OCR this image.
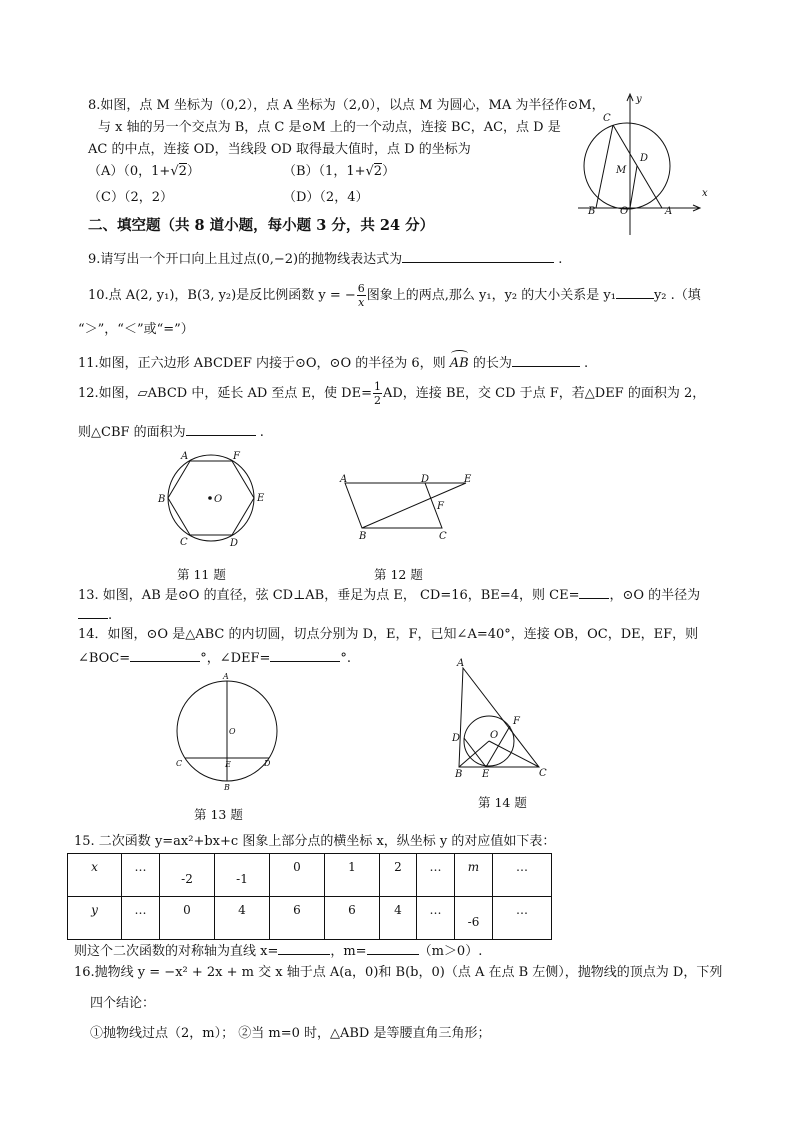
8.如图，点 M 坐标为（0,2），点 A 坐标为（2,0），以点 M 为圆心，MA 为半径作⊙M，
与 x 轴的另一个交点为 B，点 C 是⊙M 上的一个动点，连接 BC，AC，点 D 是
AC 的中点，连接 OD，当线段 OD 取得最大值时，点 D 的坐标为
（A）（0，1+√2）	（B）（1，1+√2）
（C）（2，2）	（D）（2，4）
二、填空题（共 8 道小题，每小题 3 分，共 24 分）
9.请写出一个开口向上且过点(0,−2)的抛物线表达式为	.
10.点 A(2, y₁)，B(3, y₂)是反比例函数 y = − $\frac{6}{x}$ 图象上的两点,那么 y₁，y₂ 的大小关系是 y₁	y₂ .（填
“＞”，“＜”或“=”）
11.如图，正六边形 ABCDEF 内接于⊙O，⊙O 的半径为 6，则
AB 的长为	.
12.如图，▱ABCD 中，延长 AD 至点 E，使 $DE= \frac{1}{2}$ AD，连接 BE，交 CD 于点 F，若△DEF 的面积为 2，
则△CBF 的面积为	.
13. 如图，AB 是⊙O 的直径，弦 CD⊥AB，垂足为点 E， CD=16，BE=4，则 CE= ，⊙O 的半径为
.
14．如图，⊙O 是△ABC 的内切圆，切点分别为 D，E，F，已知∠A=40°，连接 OB，OC，DE，EF，则
∠BOC=	°，∠DEF=	°.
y
x
C
D
M
B O	A
A	F
B	O	E
C	D
A	D	E
F
B	C
A
O
C	E	D
B
A
F
D	O
B E	C
第 11 题	第 12 题
第 13 题
第 14 题
15. 二次函数 y=ax²+bx+c 图象上部分点的横坐标 x，纵坐标 y 的对应值如下表：
x	…	-2	-1	0	1	2	…	m	…

y	…	0	4	6	6	4	…	-6	…
则这个二次函数的对称轴为直线 x=	，m=	（m＞0）.
16.抛物线 y = −x² + 2x + m 交 x 轴于点 A(a，0)和 B(b，0)（点 A 在点 B 左侧），抛物线的顶点为 D，下列
四个结论：
①抛物线过点（2，m）； ②当 m=0 时，△ABD 是等腰直角三角形；
